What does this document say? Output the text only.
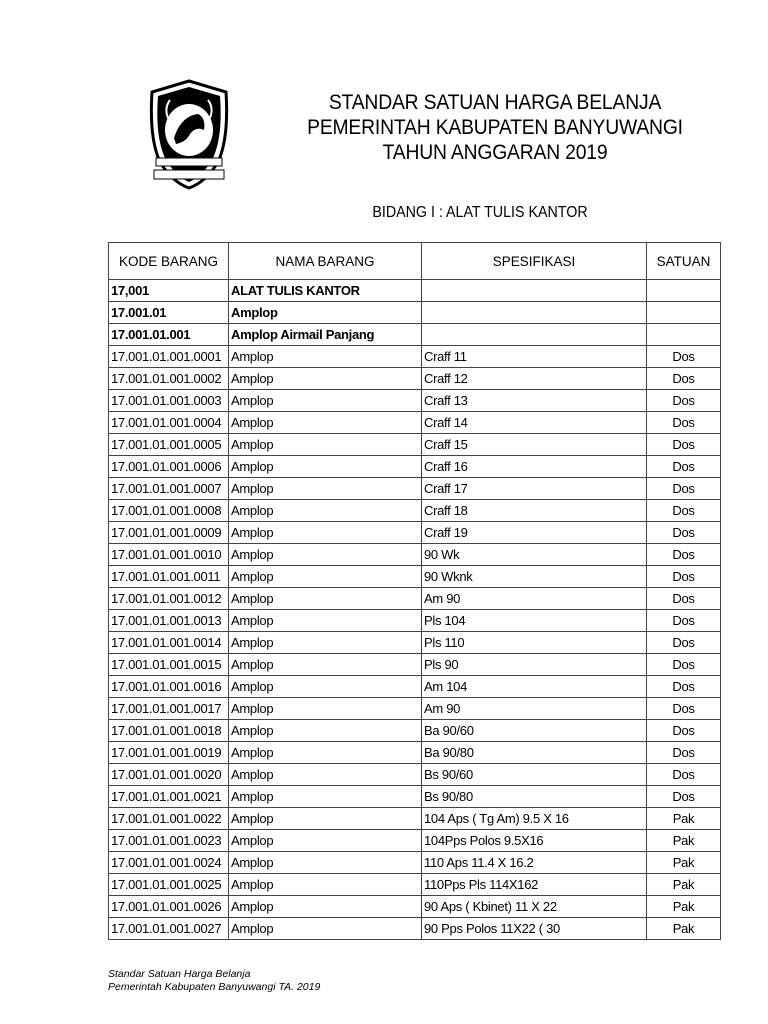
STANDAR SATUAN HARGA BELANJA
PEMERINTAH KABUPATEN BANYUWANGI
TAHUN ANGGARAN 2019
BIDANG I : ALAT TULIS KANTOR
KODE BARANG	NAMA BARANG	SPESIFIKASI	SATUAN
17,001	ALAT TULIS KANTOR		
17.001.01	Amplop		
17.001.01.001	Amplop Airmail Panjang		
17.001.01.001.0001	Amplop	Craff 11	Dos
17.001.01.001.0002	Amplop	Craff 12	Dos
17.001.01.001.0003	Amplop	Craff 13	Dos
17.001.01.001.0004	Amplop	Craff 14	Dos
17.001.01.001.0005	Amplop	Craff 15	Dos
17.001.01.001.0006	Amplop	Craff 16	Dos
17.001.01.001.0007	Amplop	Craff 17	Dos
17.001.01.001.0008	Amplop	Craff 18	Dos
17.001.01.001.0009	Amplop	Craff 19	Dos
17.001.01.001.0010	Amplop	90 Wk	Dos
17.001.01.001.0011	Amplop	90 Wknk	Dos
17.001.01.001.0012	Amplop	Am 90	Dos
17.001.01.001.0013	Amplop	Pls 104	Dos
17.001.01.001.0014	Amplop	Pls 110	Dos
17.001.01.001.0015	Amplop	Pls 90	Dos
17.001.01.001.0016	Amplop	Am 104	Dos
17.001.01.001.0017	Amplop	Am 90	Dos
17.001.01.001.0018	Amplop	Ba 90/60	Dos
17.001.01.001.0019	Amplop	Ba 90/80	Dos
17.001.01.001.0020	Amplop	Bs 90/60	Dos
17.001.01.001.0021	Amplop	Bs 90/80	Dos
17.001.01.001.0022	Amplop	104 Aps ( Tg Am) 9.5 X 16	Pak
17.001.01.001.0023	Amplop	104Pps Polos 9.5X16	Pak
17.001.01.001.0024	Amplop	110 Aps 11.4 X 16.2	Pak
17.001.01.001.0025	Amplop	110Pps Pls 114X162	Pak
17.001.01.001.0026	Amplop	90 Aps ( Kbinet) 11 X 22	Pak
17.001.01.001.0027	Amplop	90 Pps Polos 11X22 ( 30	Pak
Standar Satuan Harga Belanja
Pemerintah Kabupaten Banyuwangi TA. 2019
